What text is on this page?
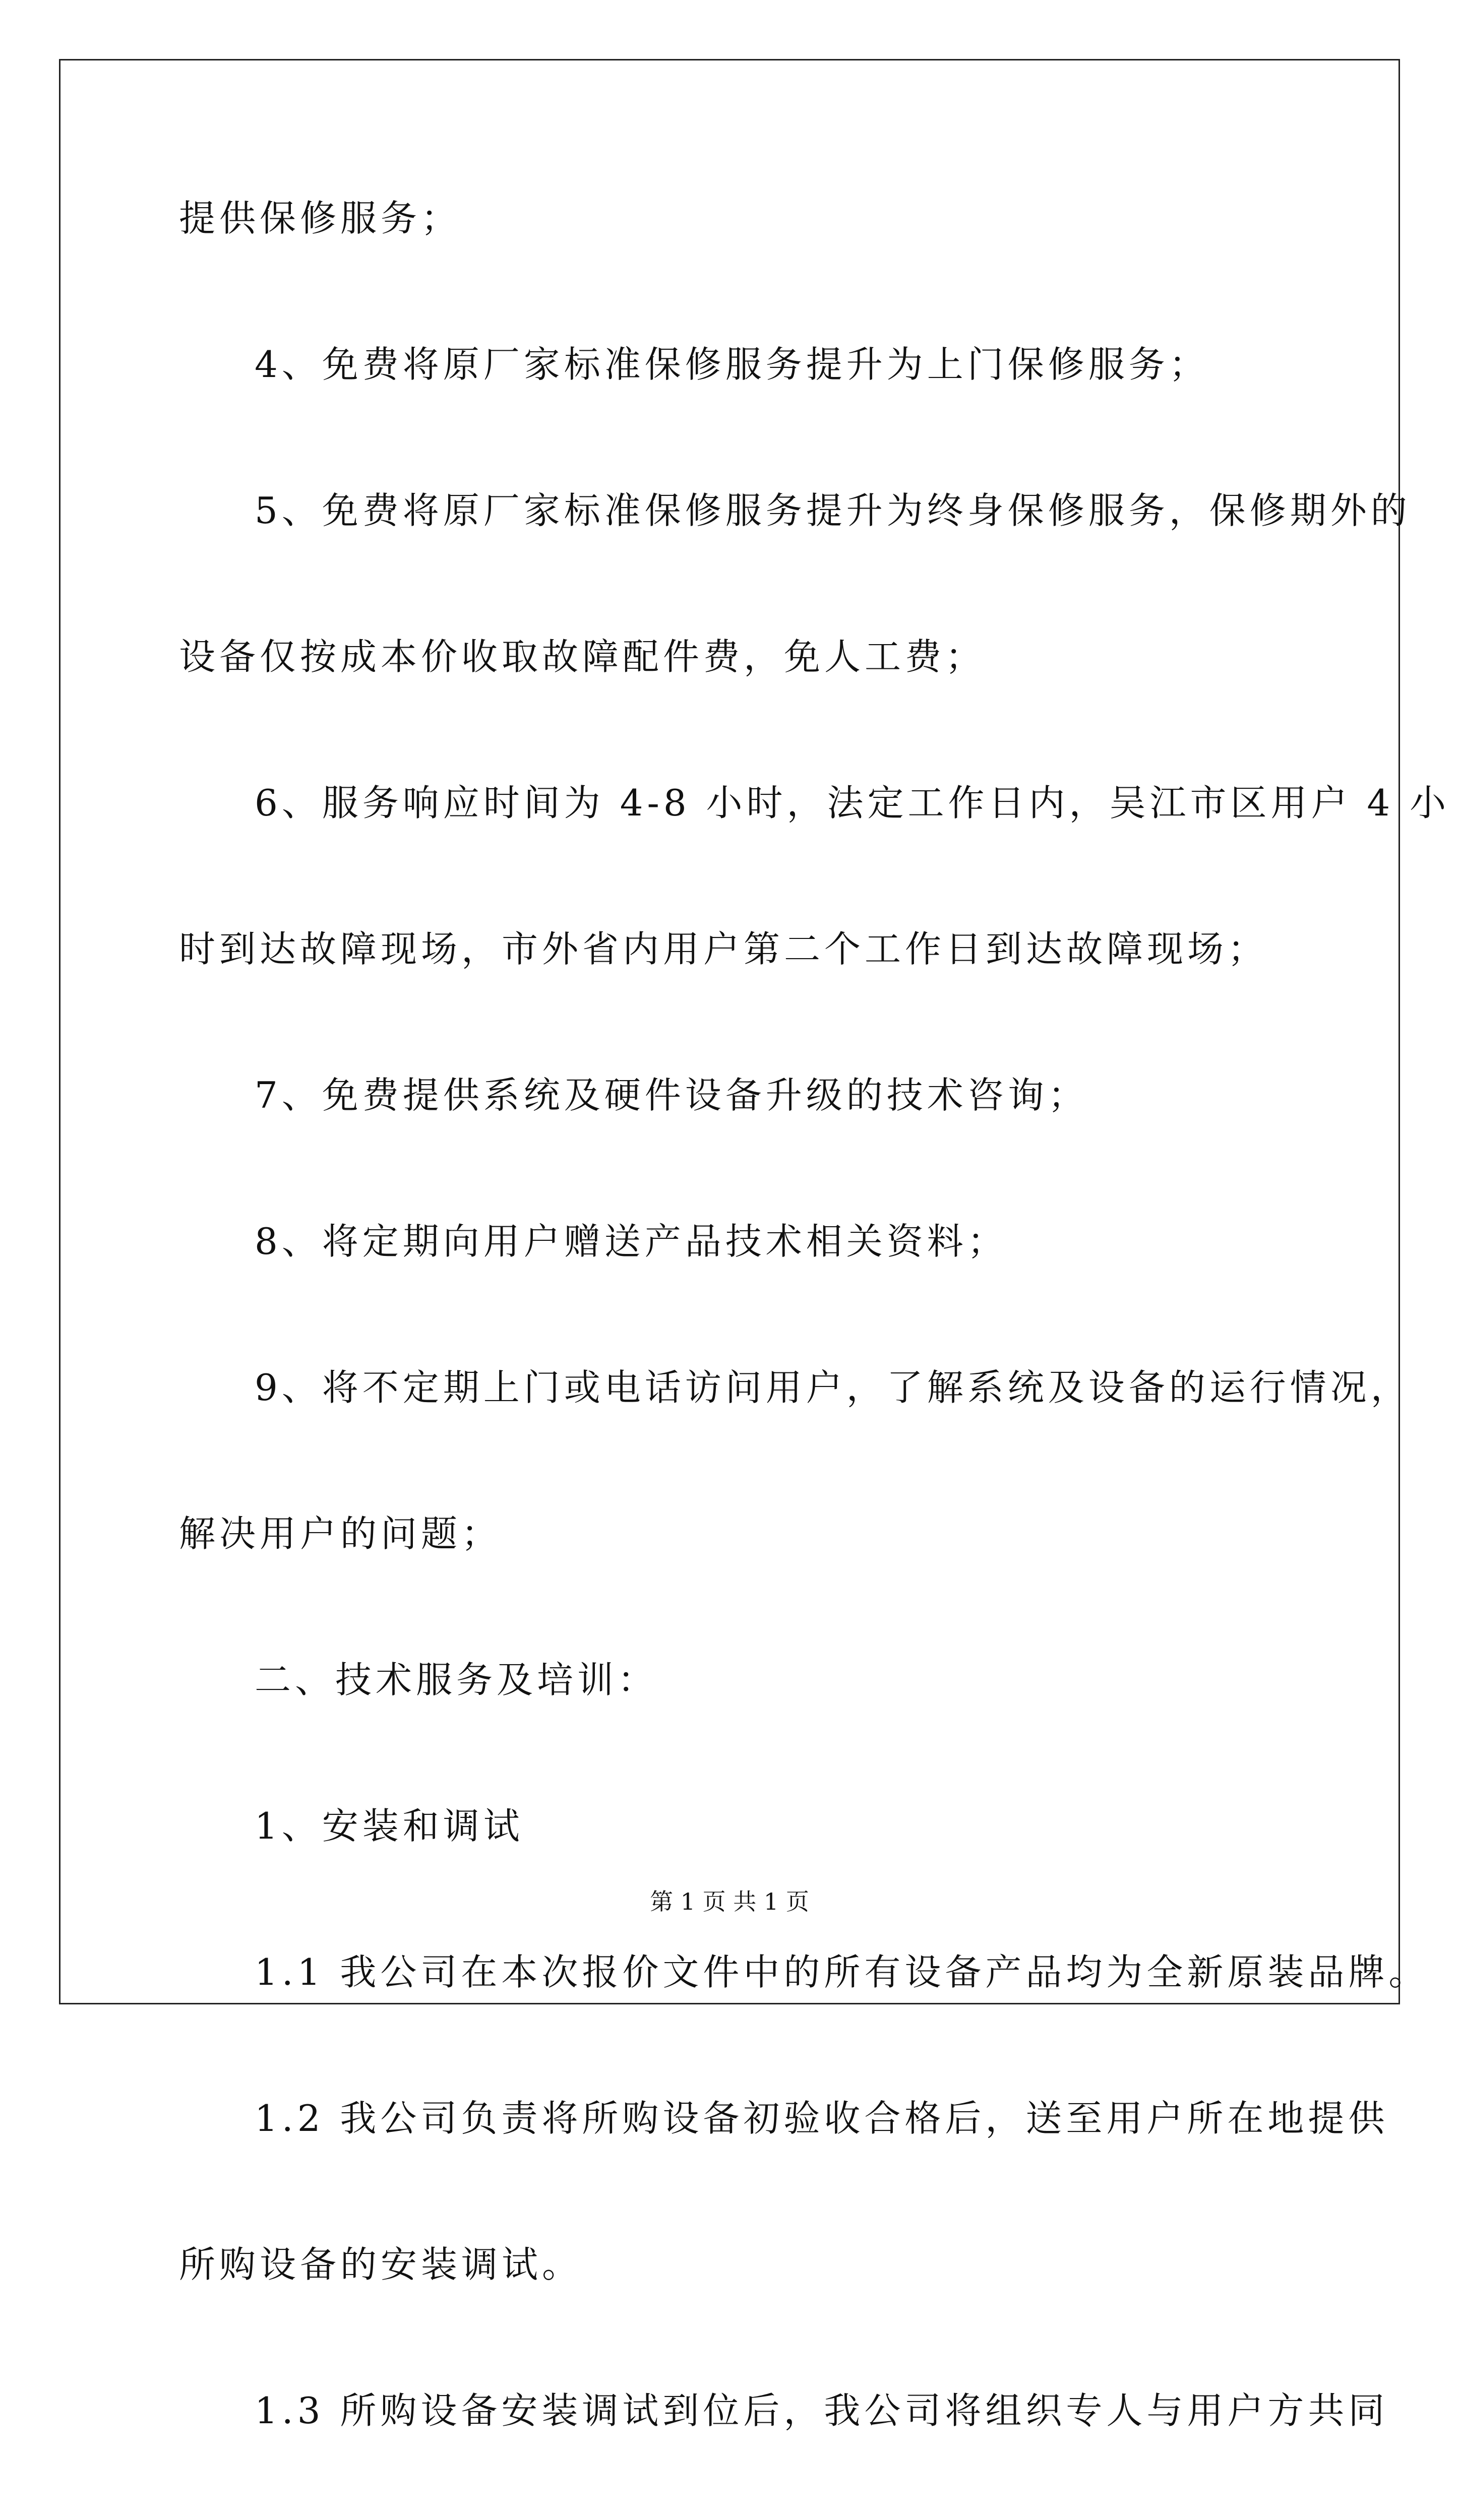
提供保修服务；
4、免费将原厂家标准保修服务提升为上门保修服务；
5、免费将原厂家标准保修服务提升为终身保修服务，保修期外的
设备仅按成本价收取故障配件费，免人工费；
6、服务响应时间为 4-8 小时，法定工作日内，吴江市区用户 4 小
时到达故障现场，市外省内用户第二个工作日到达故障现场；
7、免费提供系统及硬件设备升级的技术咨询；
8、将定期向用户赠送产品技术相关资料；
9、将不定期上门或电话访问用户，了解系统及设备的运行情况，
解决用户的问题；
二、技术服务及培训：
1、安装和调试
1.1 我公司在本次报价文件中的所有设备产品均为全新原装品牌。
1.2 我公司负责将所购设备初验收合格后，送至用户所在地提供
所购设备的安装调试。
1.3 所购设备安装调试到位后，我公司将组织专人与用户方共同
第 1 页 共 1 页
